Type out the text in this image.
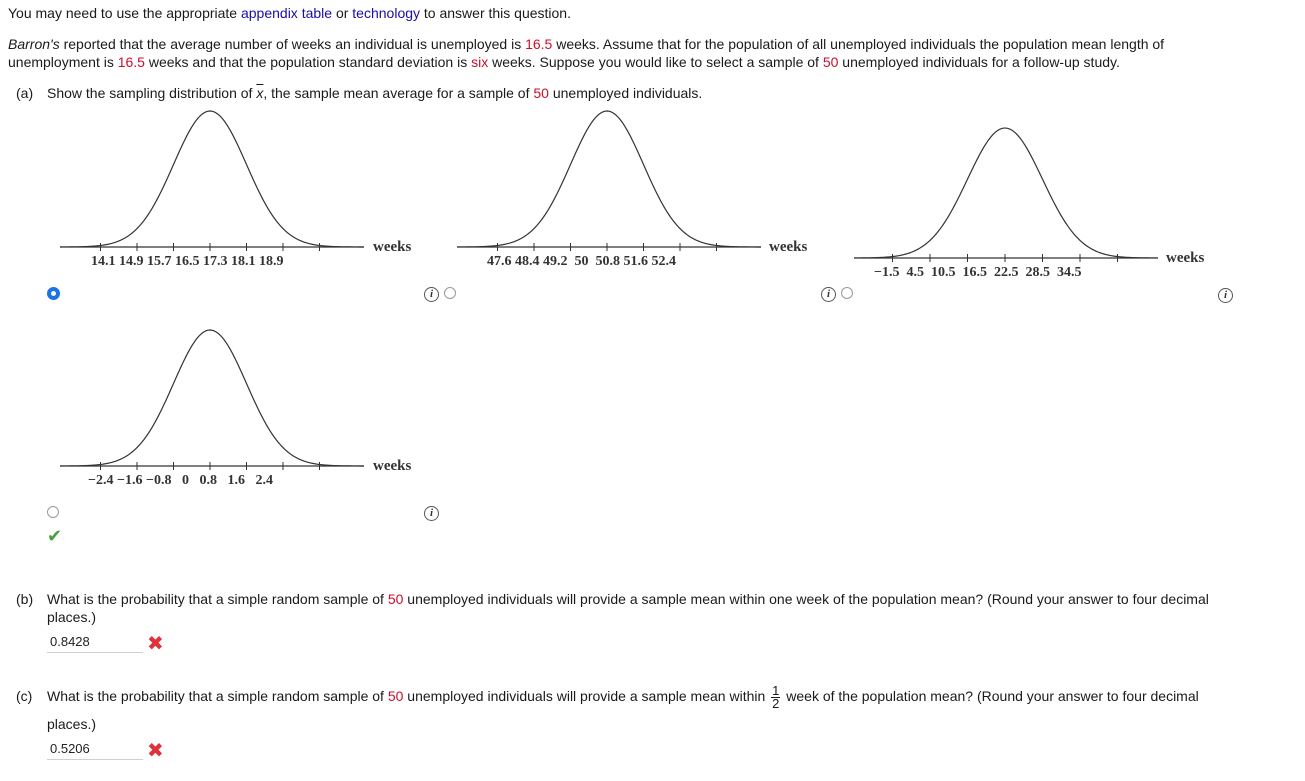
You may need to use the appropriate appendix table or technology to answer this question.
Barron's reported that the average number of weeks an individual is unemployed is 16.5 weeks. Assume that for the population of all unemployed individuals the population mean length of
unemployment is 16.5 weeks and that the population standard deviation is six weeks. Suppose you would like to select a sample of 50 unemployed individuals for a follow-up study.
(a) Show the sampling distribution of $\overline{x}$, the sample mean average for a sample of 50 unemployed individuals.
14.1 14.9 15.7 16.5 17.3 18.1 18.9
weeks
i
47.6 48.4 49.2 50 50.8 51.6 52.4
weeks
i
−1.5 4.5 10.5 16.5 22.5 28.5 34.5
weeks
i
−2.4 −1.6 −0.8 0 0.8 1.6 2.4
weeks
i
✔
(b) What is the probability that a simple random sample of 50 unemployed individuals will provide a sample mean within one week of the population mean? (Round your answer to four decimal
places.)
0.8428
✖
(c) What is the probability that a simple random sample of 50 unemployed individuals will provide a sample mean within $\frac{1}{2}$ week of the population mean? (Round your answer to four decimal
places.)
0.5206
✖
